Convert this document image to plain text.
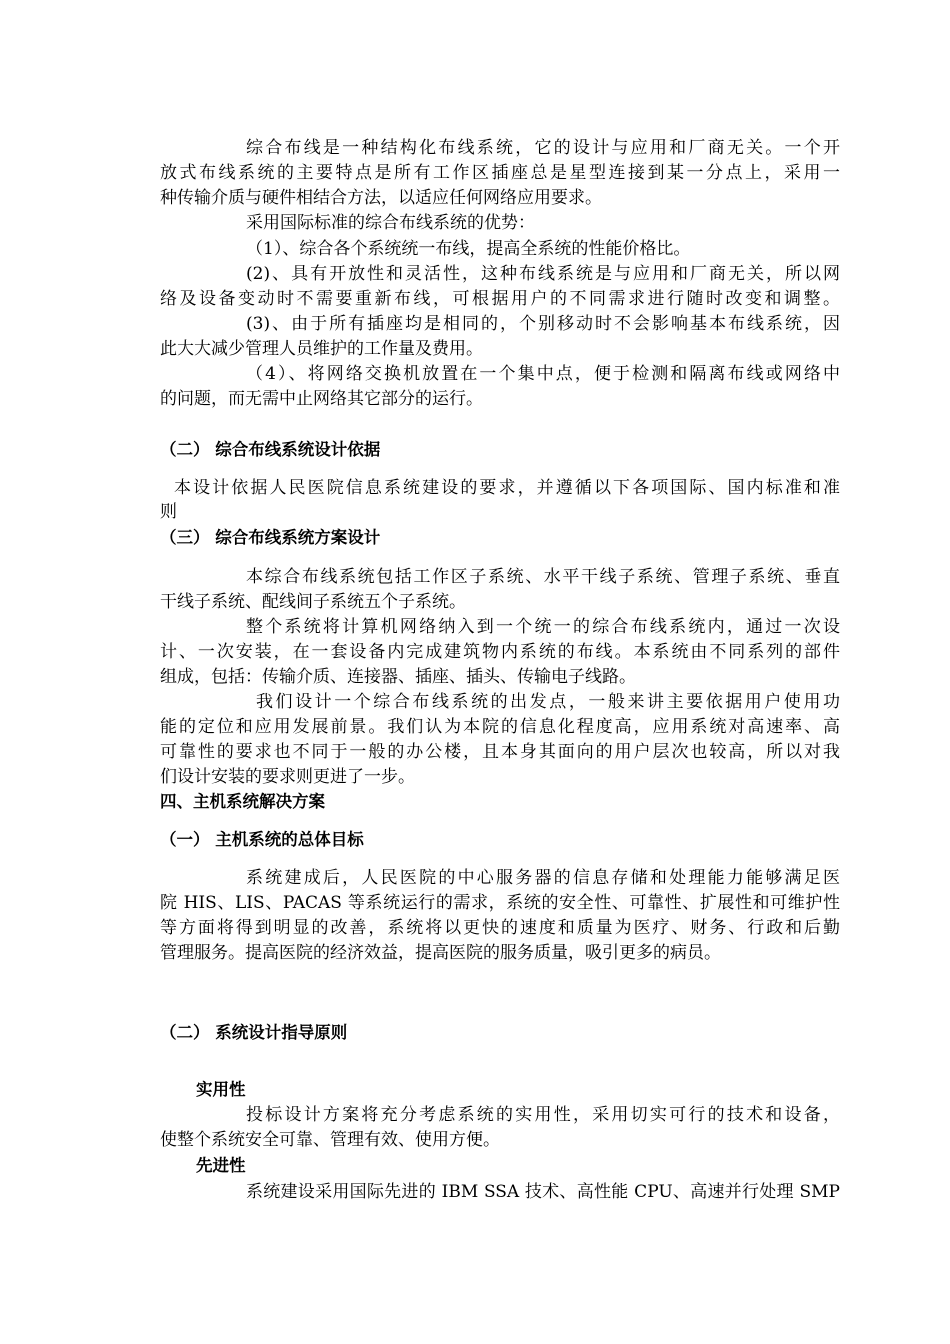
综合布线是一种结构化布线系统，它的设计与应用和厂商无关。一个开
放式布线系统的主要特点是所有工作区插座总是星型连接到某一分点上，采用一
种传输介质与硬件相结合方法，以适应任何网络应用要求。
采用国际标准的综合布线系统的优势：
（1）、综合各个系统统一布线，提高全系统的性能价格比。
(2)、具有开放性和灵活性，这种布线系统是与应用和厂商无关，所以网
络及设备变动时不需要重新布线，可根据用户的不同需求进行随时改变和调整。
(3)、由于所有插座均是相同的，个别移动时不会影响基本布线系统，因
此大大减少管理人员维护的工作量及费用。
（4）、将网络交换机放置在一个集中点，便于检测和隔离布线或网络中
的问题，而无需中止网络其它部分的运行。
（二） 综合布线系统设计依据
本设计依据人民医院信息系统建设的要求，并遵循以下各项国际、国内标准和准
则
（三） 综合布线系统方案设计
本综合布线系统包括工作区子系统、水平干线子系统、管理子系统、垂直
干线子系统、配线间子系统五个子系统。
整个系统将计算机网络纳入到一个统一的综合布线系统内，通过一次设
计、一次安装，在一套设备内完成建筑物内系统的布线。本系统由不同系列的部件
组成，包括：传输介质、连接器、插座、插头、传输电子线路。
我们设计一个综合布线系统的出发点，一般来讲主要依据用户使用功
能的定位和应用发展前景。我们认为本院的信息化程度高，应用系统对高速率、高
可靠性的要求也不同于一般的办公楼，且本身其面向的用户层次也较高，所以对我
们设计安装的要求则更进了一步。
四、主机系统解决方案
（一） 主机系统的总体目标
系统建成后，人民医院的中心服务器的信息存储和处理能力能够满足医
院 HIS、LIS、PACAS 等系统运行的需求，系统的安全性、可靠性、扩展性和可维护性
等方面将得到明显的改善，系统将以更快的速度和质量为医疗、财务、行政和后勤
管理服务。提高医院的经济效益，提高医院的服务质量，吸引更多的病员。
（二） 系统设计指导原则
实用性
投标设计方案将充分考虑系统的实用性，采用切实可行的技术和设备，
使整个系统安全可靠、管理有效、使用方便。
先进性
系统建设采用国际先进的 IBM SSA 技术、高性能 CPU、高速并行处理 SMP
